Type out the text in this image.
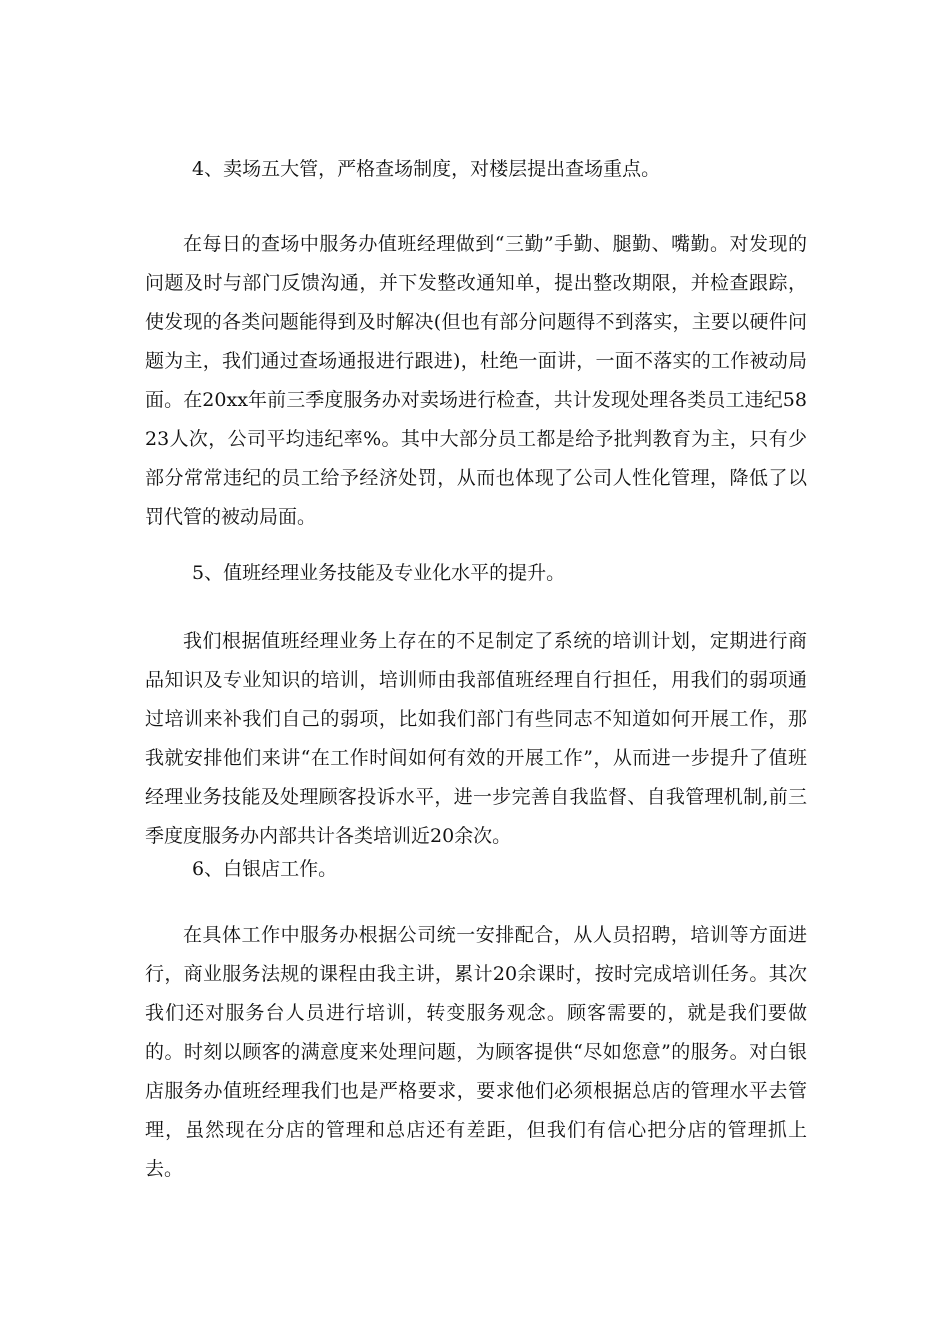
4、卖场五大管，严格查场制度，对楼层提出查场重点。
在每日的查场中服务办值班经理做到“三勤”手勤、腿勤、嘴勤。对发现的问题及时与部门反馈沟通，并下发整改通知单，提出整改期限，并检查跟踪，使发现的各类问题能得到及时解决(但也有部分问题得不到落实，主要以硬件问题为主，我们通过查场通报进行跟进)，杜绝一面讲，一面不落实的工作被动局面。在20xx年前三季度服务办对卖场进行检查，共计发现处理各类员工违纪5823人次，公司平均违纪率%。其中大部分员工都是给予批判教育为主，只有少部分常常违纪的员工给予经济处罚，从而也体现了公司人性化管理，降低了以罚代管的被动局面。
5、值班经理业务技能及专业化水平的提升。
我们根据值班经理业务上存在的不足制定了系统的培训计划，定期进行商品知识及专业知识的培训，培训师由我部值班经理自行担任，用我们的弱项通过培训来补我们自己的弱项，比如我们部门有些同志不知道如何开展工作，那我就安排他们来讲“在工作时间如何有效的开展工作”，从而进一步提升了值班经理业务技能及处理顾客投诉水平，进一步完善自我监督、自我管理机制,前三季度度服务办内部共计各类培训近20余次。
6、白银店工作。
在具体工作中服务办根据公司统一安排配合，从人员招聘，培训等方面进行，商业服务法规的课程由我主讲，累计20余课时，按时完成培训任务。其次我们还对服务台人员进行培训，转变服务观念。顾客需要的，就是我们要做的。时刻以顾客的满意度来处理问题，为顾客提供“尽如您意”的服务。对白银店服务办值班经理我们也是严格要求，要求他们必须根据总店的管理水平去管理，虽然现在分店的管理和总店还有差距，但我们有信心把分店的管理抓上去。
